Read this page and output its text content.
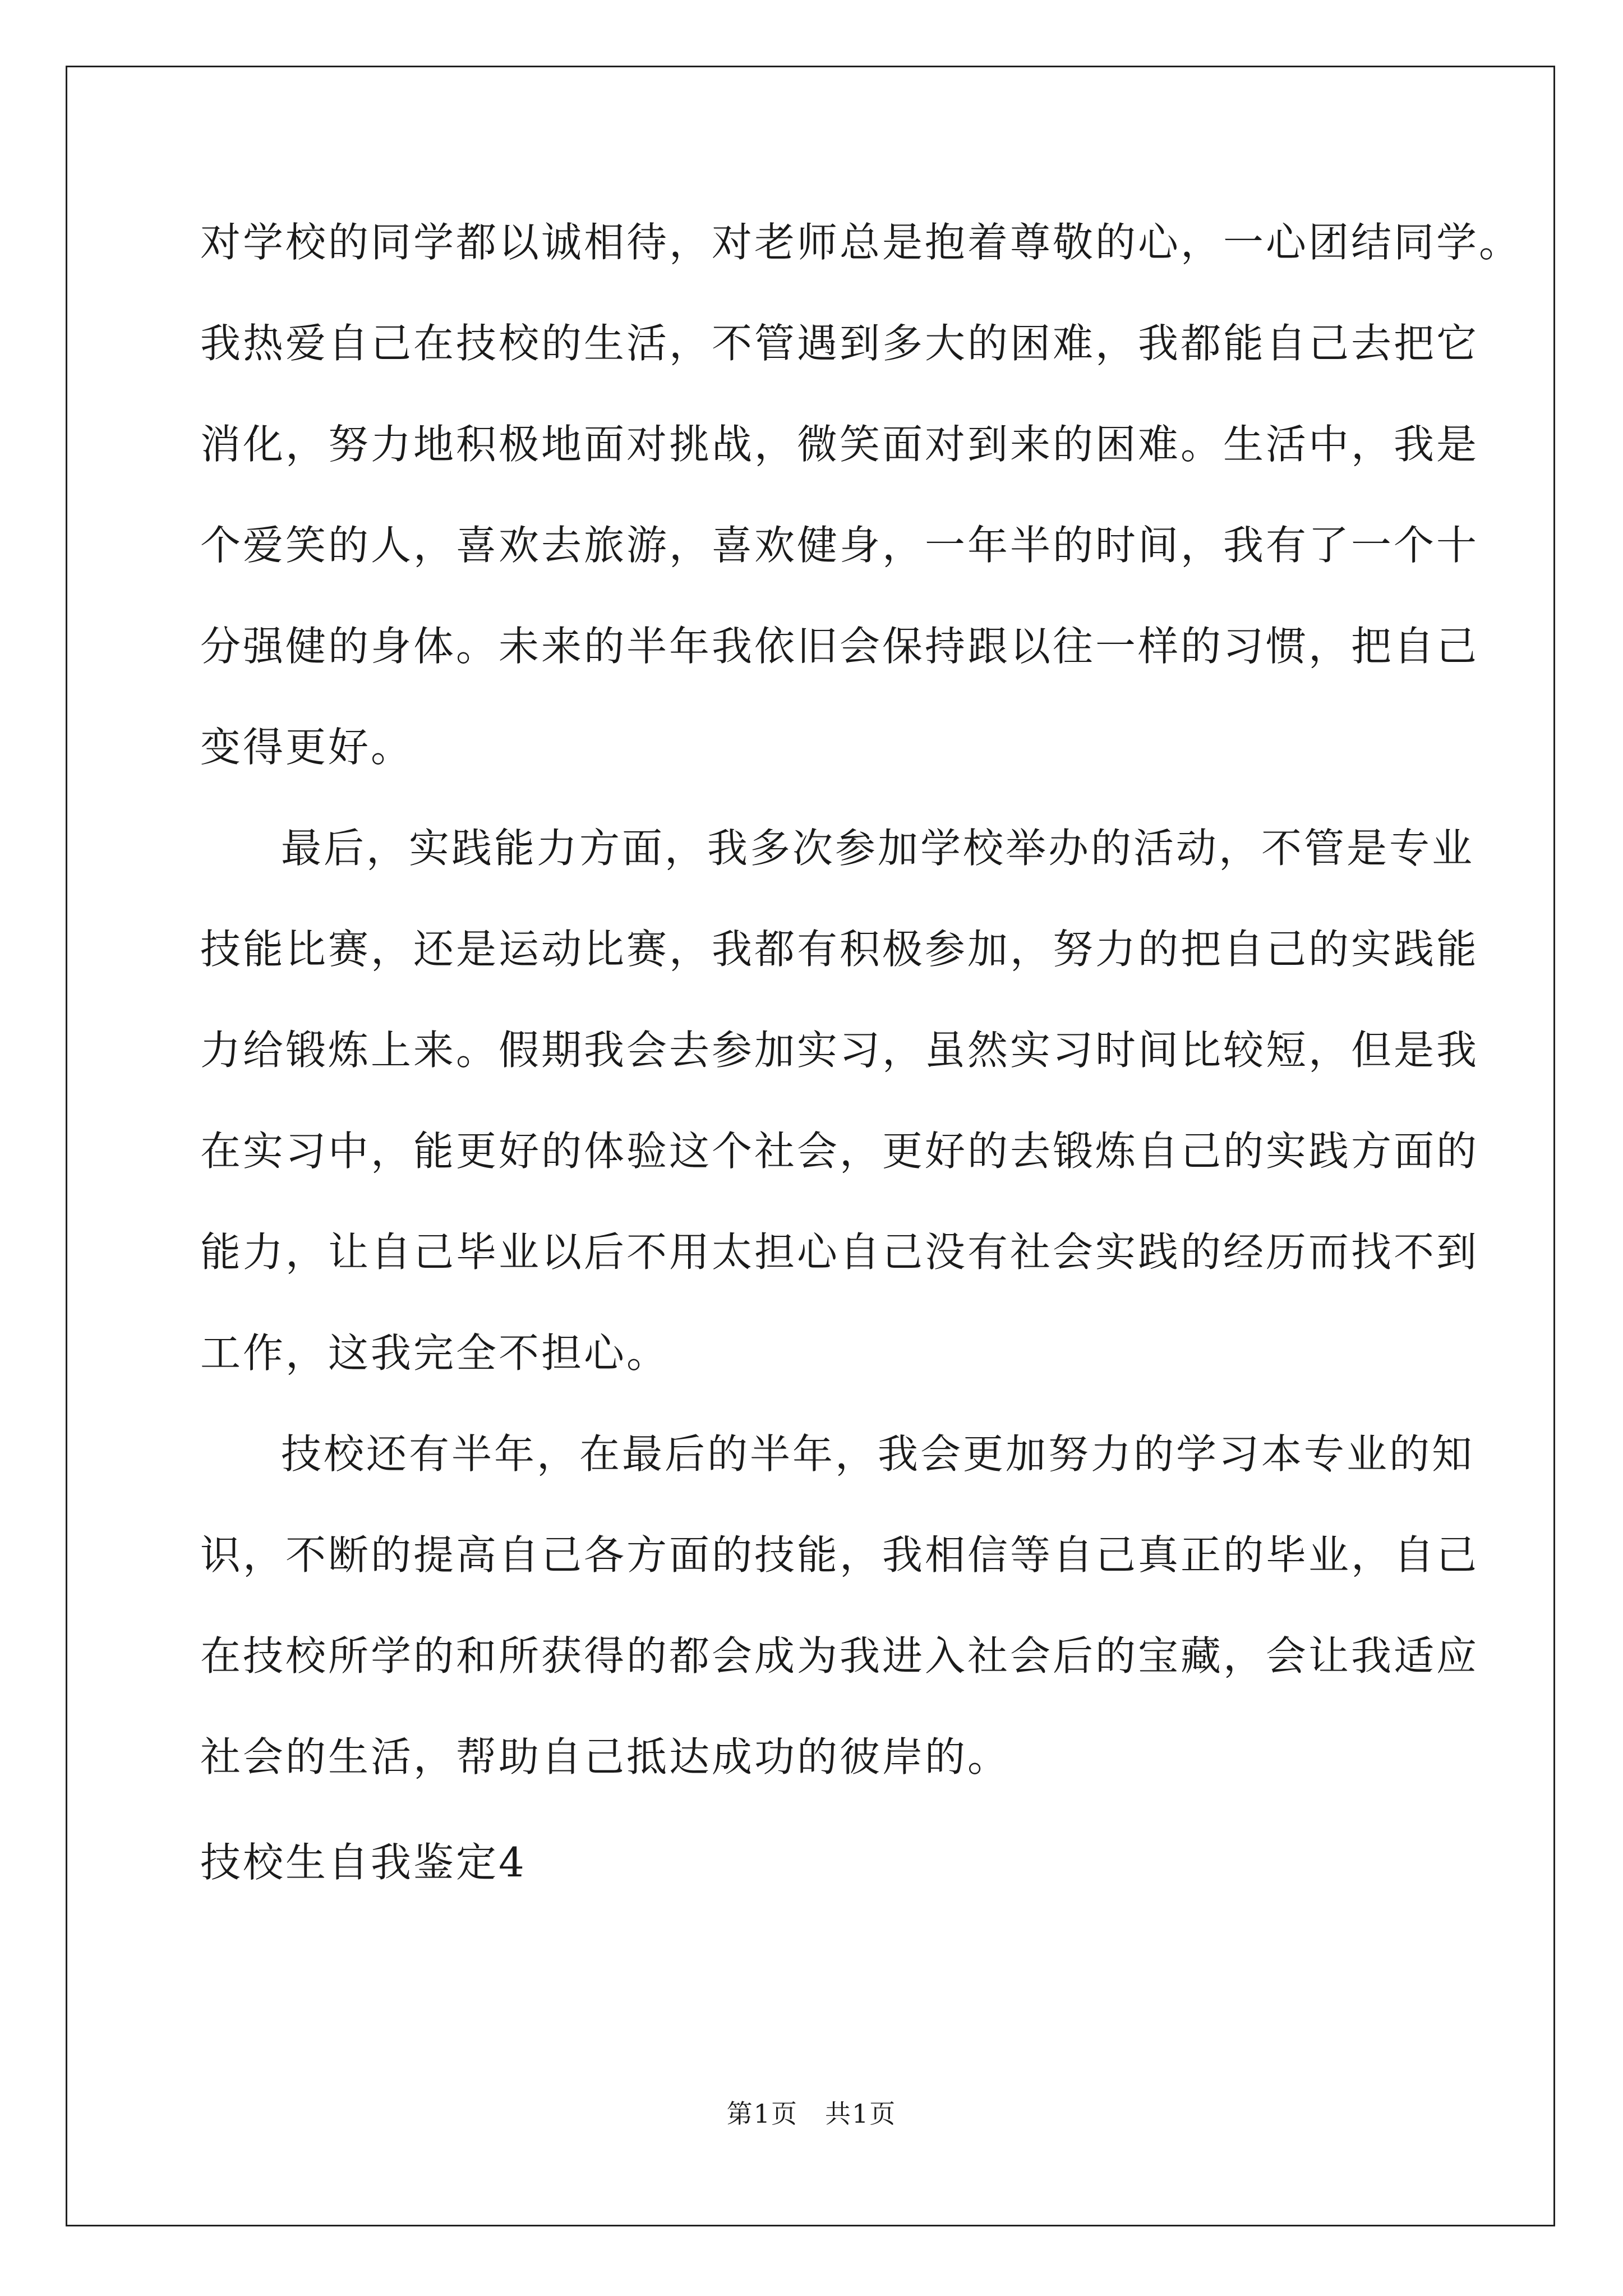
对学校的同学都以诚相待，对老师总是抱着尊敬的心，一心团结同学。
我热爱自己在技校的生活，不管遇到多大的困难，我都能自己去把它
消化，努力地积极地面对挑战，微笑面对到来的困难。生活中，我是
个爱笑的人，喜欢去旅游，喜欢健身，一年半的时间，我有了一个十
分强健的身体。未来的半年我依旧会保持跟以往一样的习惯，把自己
变得更好。
最后，实践能力方面，我多次参加学校举办的活动，不管是专业
技能比赛，还是运动比赛，我都有积极参加，努力的把自己的实践能
力给锻炼上来。假期我会去参加实习，虽然实习时间比较短，但是我
在实习中，能更好的体验这个社会，更好的去锻炼自己的实践方面的
能力，让自己毕业以后不用太担心自己没有社会实践的经历而找不到
工作，这我完全不担心。
技校还有半年，在最后的半年，我会更加努力的学习本专业的知
识，不断的提高自己各方面的技能，我相信等自己真正的毕业，自己
在技校所学的和所获得的都会成为我进入社会后的宝藏，会让我适应
社会的生活，帮助自己抵达成功的彼岸的。
技校生自我鉴定4
第1页　共1页
